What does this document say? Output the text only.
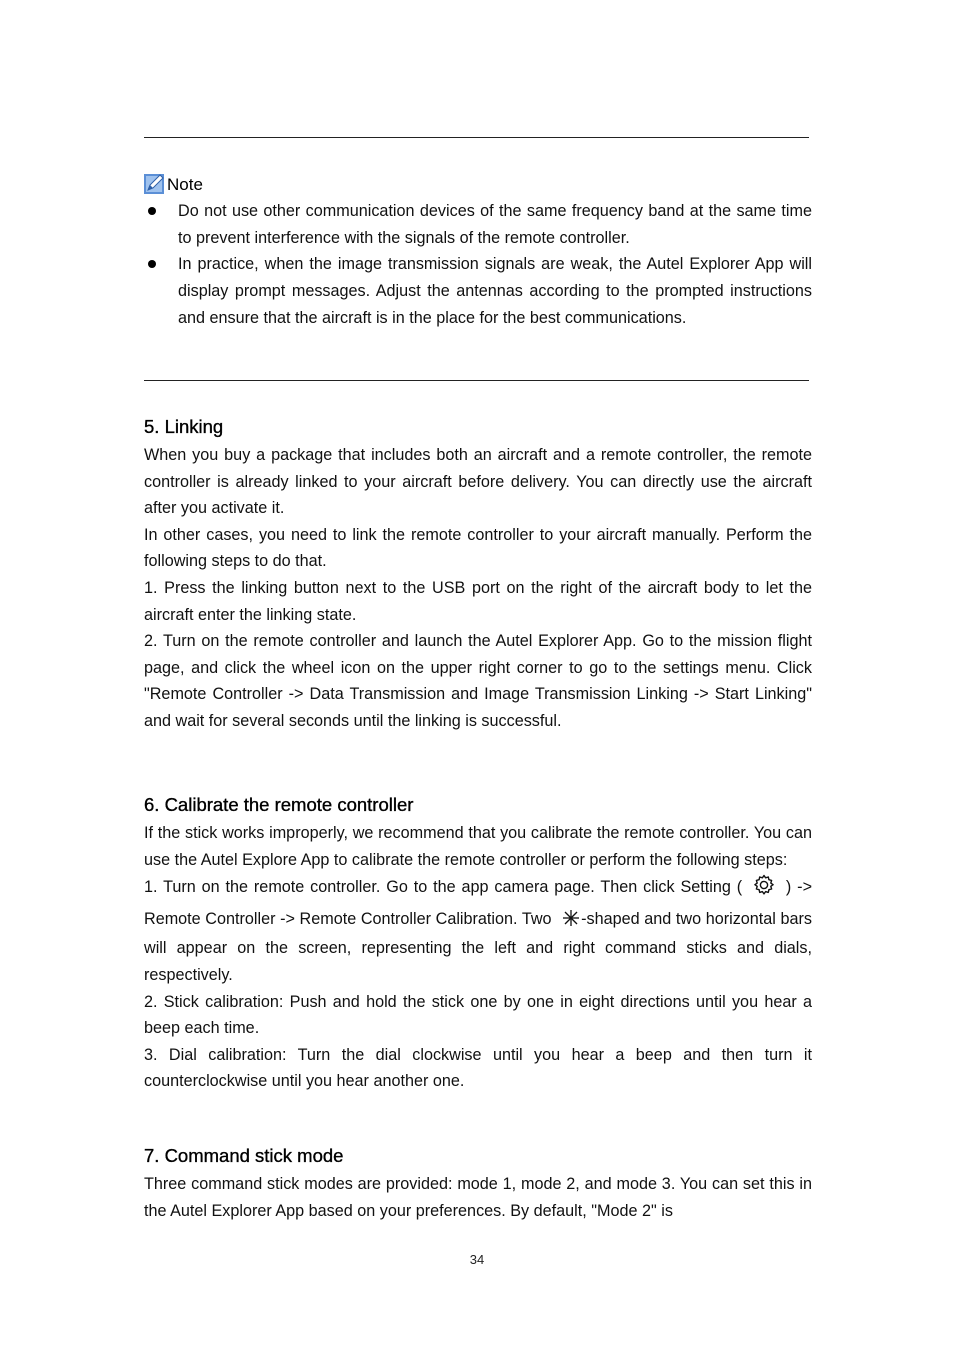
Note
Do not use other communication devices of the same frequency band at the same time to prevent interference with the signals of the remote controller.
In practice, when the image transmission signals are weak, the Autel Explorer App will display prompt messages. Adjust the antennas according to the prompted instructions and ensure that the aircraft is in the place for the best communications.
5. Linking

When you buy a package that includes both an aircraft and a remote controller, the remote controller is already linked to your aircraft before delivery. You can directly use the aircraft after you activate it.

In other cases, you need to link the remote controller to your aircraft manually. Perform the following steps to do that.

1. Press the linking button next to the USB port on the right of the aircraft body to let the aircraft enter the linking state.

2. Turn on the remote controller and launch the Autel Explorer App. Go to the mission flight page, and click the wheel icon on the upper right corner to go to the settings menu. Click "Remote Controller -> Data Transmission and Image Transmission Linking -> Start Linking" and wait for several seconds until the linking is successful.

6. Calibrate the remote controller

If the stick works improperly, we recommend that you calibrate the remote controller. You can use the Autel Explore App to calibrate the remote controller or perform the following steps:

1. Turn on the remote controller. Go to the app camera page. Then click Setting (	) -> Remote Controller -> Remote Controller Calibration. Two -shaped and two horizontal bars will appear on the screen, representing the left and right command sticks and dials, respectively.

2. Stick calibration: Push and hold the stick one by one in eight directions until you hear a beep each time.

3. Dial calibration: Turn the dial clockwise until you hear a beep and then turn it counterclockwise until you hear another one.

7. Command stick mode

Three command stick modes are provided: mode 1, mode 2, and mode 3. You can set this in the Autel Explorer App based on your preferences. By default, "Mode 2" is

34
